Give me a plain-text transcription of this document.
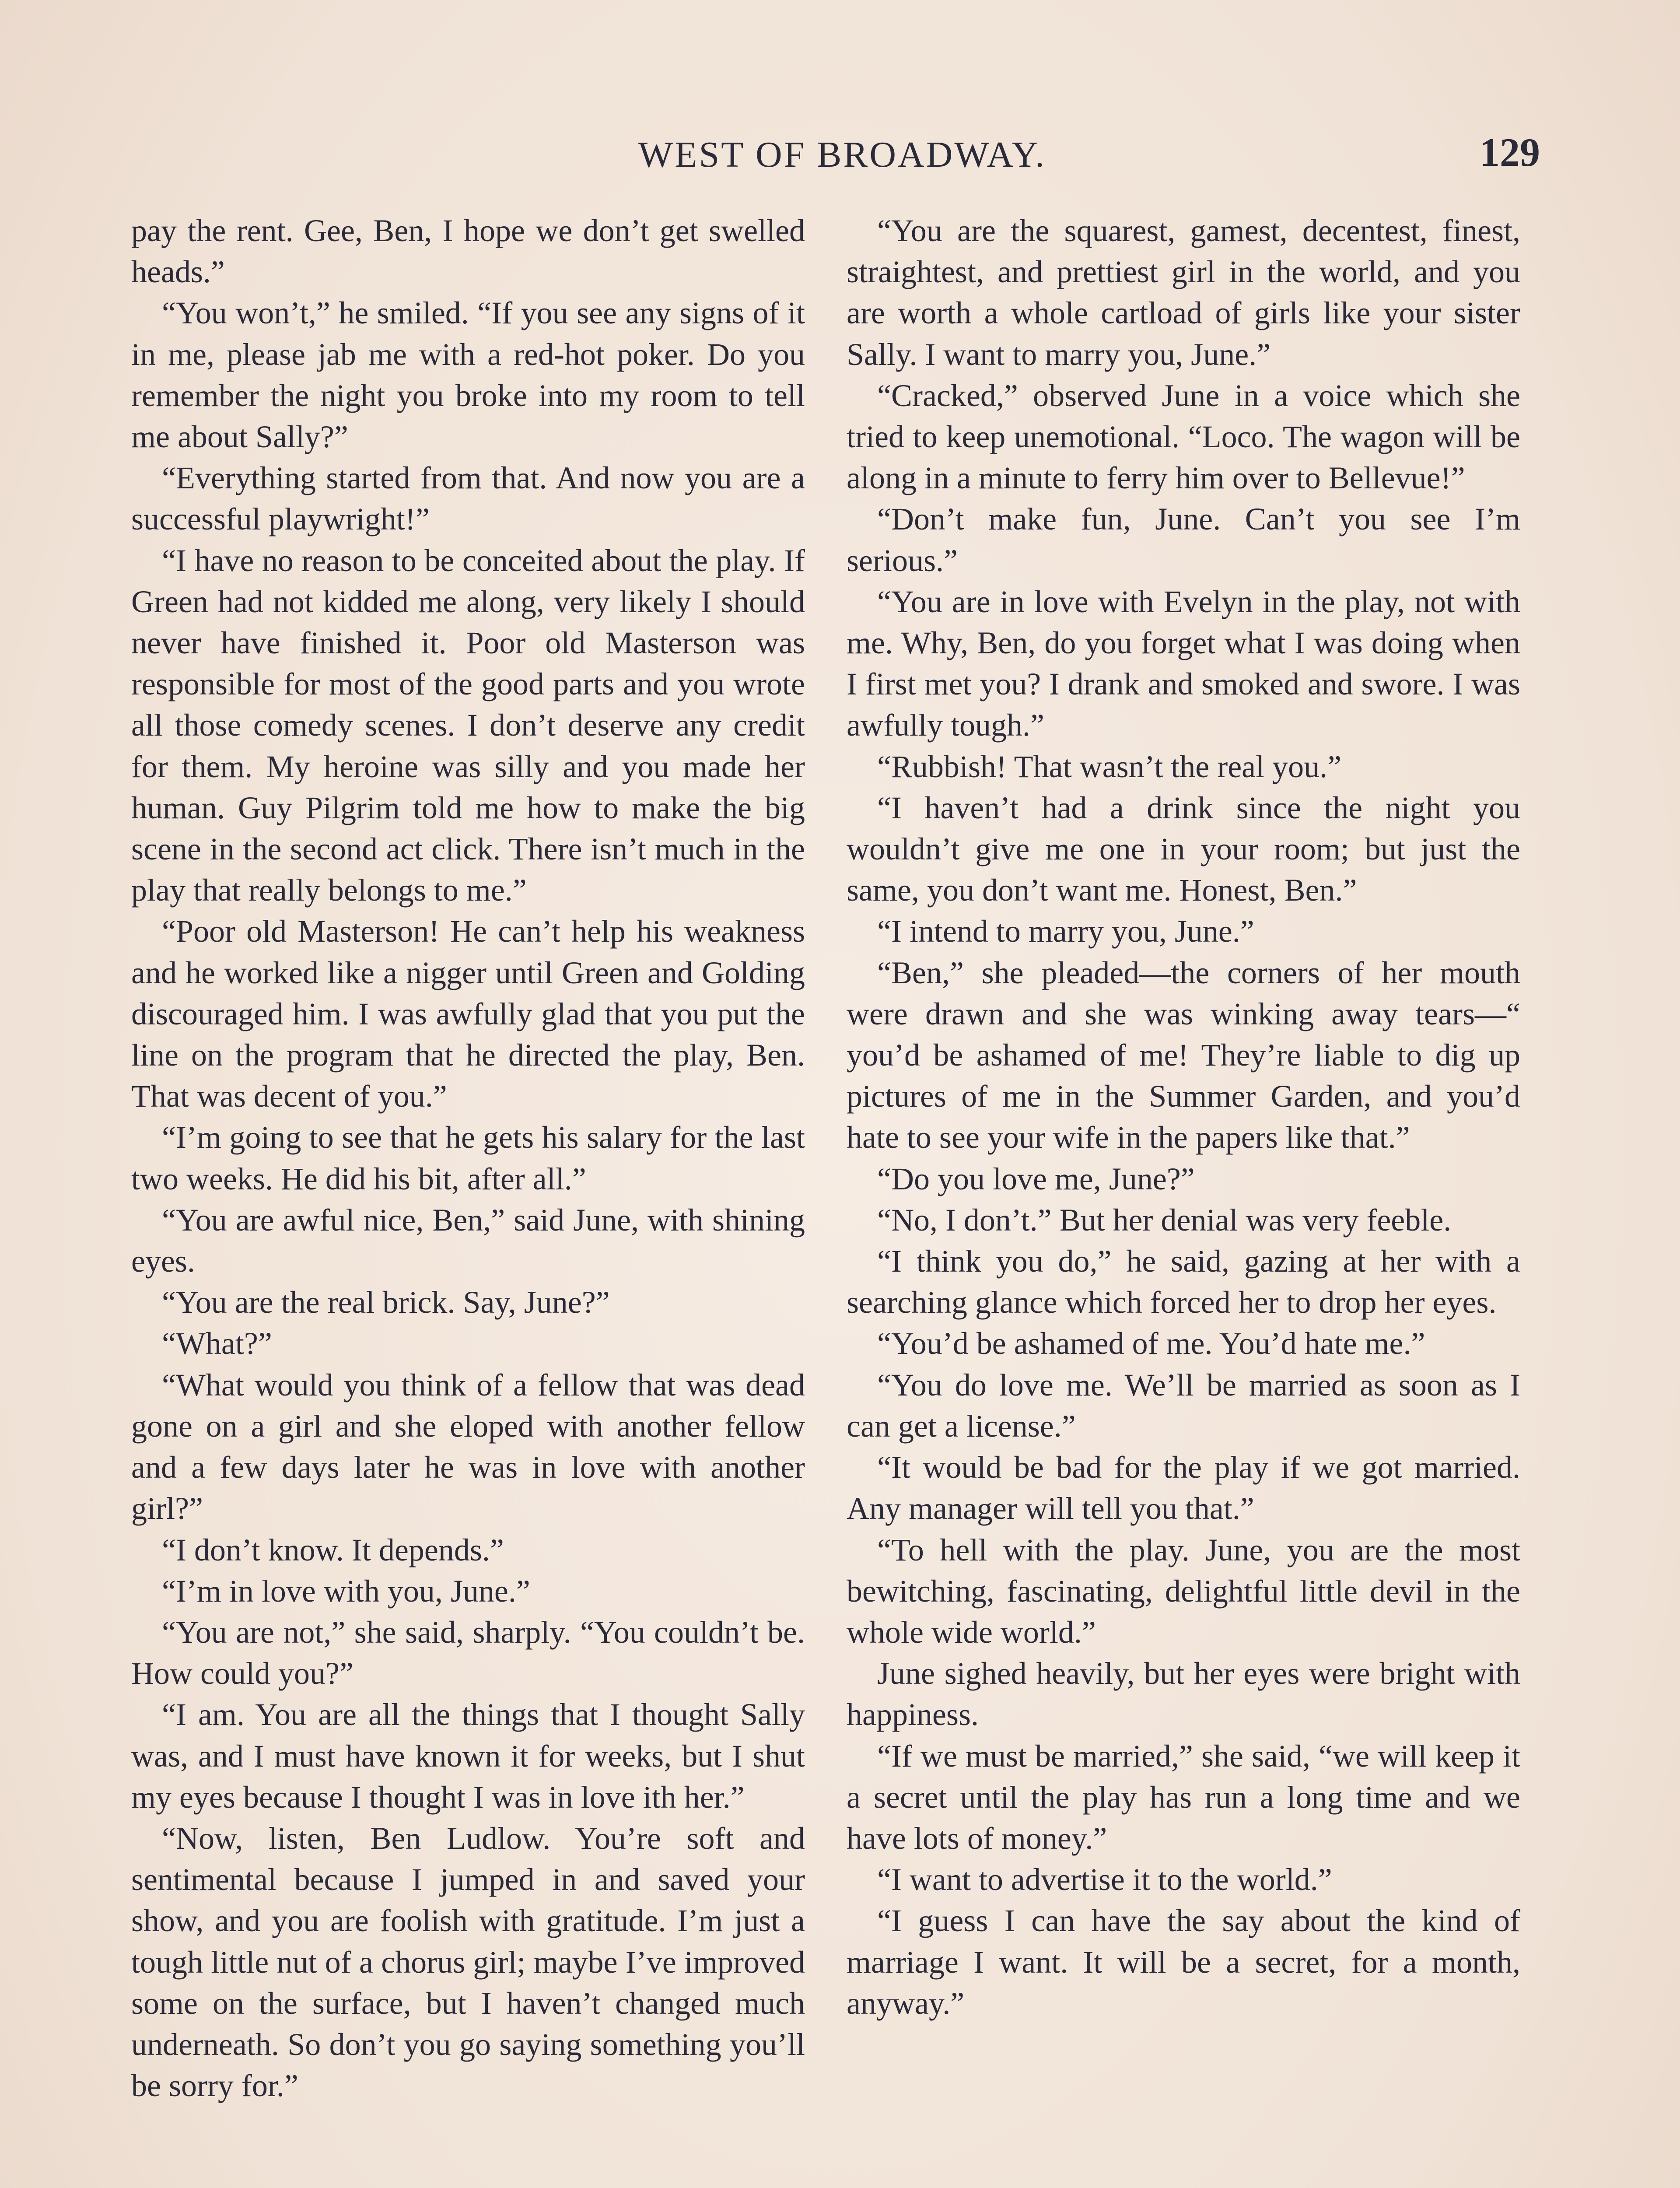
WEST OF BROADWAY.	129

pay the rent. Gee, Ben, I hope we don’t get swelled heads.”

“You won’t,” he smiled. “If you see any signs of it in me, please jab me with a red-hot poker. Do you remember the night you broke into my room to tell me about Sally?”

“Everything started from that. And now you are a successful playwright!”

“I have no reason to be conceited about the play. If Green had not kidded me along, very likely I should never have finished it. Poor old Masterson was responsible for most of the good parts and you wrote all those comedy scenes. I don’t deserve any credit for them. My heroine was silly and you made her human. Guy Pilgrim told me how to make the big scene in the second act click. There isn’t much in the play that really belongs to me.”

“Poor old Masterson! He can’t help his weakness and he worked like a nigger until Green and Golding discouraged him. I was awfully glad that you put the line on the program that he directed the play, Ben. That was decent of you.”

“I’m going to see that he gets his salary for the last two weeks. He did his bit, after all.”

“You are awful nice, Ben,” said June, with shining eyes.

“You are the real brick. Say, June?”

“What?”

“What would you think of a fellow that was dead gone on a girl and she eloped with another fellow and a few days later he was in love with another girl?”

“I don’t know. It depends.”

“I’m in love with you, June.”

“You are not,” she said, sharply. “You couldn’t be. How could you?”

“I am. You are all the things that I thought Sally was, and I must have known it for weeks, but I shut my eyes because I thought I was in love ith her.”

“Now, listen, Ben Ludlow. You’re soft and sentimental because I jumped in and saved your show, and you are foolish with gratitude. I’m just a tough little nut of a chorus girl; maybe I’ve improved some on the surface, but I haven’t changed much underneath. So don’t you go saying something you’ll be sorry for.”

“You are the squarest, gamest, decentest, finest, straightest, and prettiest girl in the world, and you are worth a whole cartload of girls like your sister Sally. I want to marry you, June.”

“Cracked,” observed June in a voice which she tried to keep unemotional. “Loco. The wagon will be along in a minute to ferry him over to Bellevue!”

“Don’t make fun, June. Can’t you see I’m serious.”

“You are in love with Evelyn in the play, not with me. Why, Ben, do you forget what I was doing when I first met you? I drank and smoked and swore. I was awfully tough.”

“Rubbish! That wasn’t the real you.”

“I haven’t had a drink since the night you wouldn’t give me one in your room; but just the same, you don’t want me. Honest, Ben.”

“I intend to marry you, June.”

“Ben,” she pleaded—the corners of her mouth were drawn and she was winking away tears—“ you’d be ashamed of me! They’re liable to dig up pictures of me in the Summer Garden, and you’d hate to see your wife in the papers like that.”

“Do you love me, June?”

“No, I don’t.” But her denial was very feeble.

“I think you do,” he said, gazing at her with a searching glance which forced her to drop her eyes.

“You’d be ashamed of me. You’d hate me.”

“You do love me. We’ll be married as soon as I can get a license.”

“It would be bad for the play if we got married. Any manager will tell you that.”

“To hell with the play. June, you are the most bewitching, fascinating, delightful little devil in the whole wide world.”

June sighed heavily, but her eyes were bright with happiness.

“If we must be married,” she said, “we will keep it a secret until the play has run a long time and we have lots of money.”

“I want to advertise it to the world.”

“I guess I can have the say about the kind of marriage I want. It will be a secret, for a month, anyway.”
